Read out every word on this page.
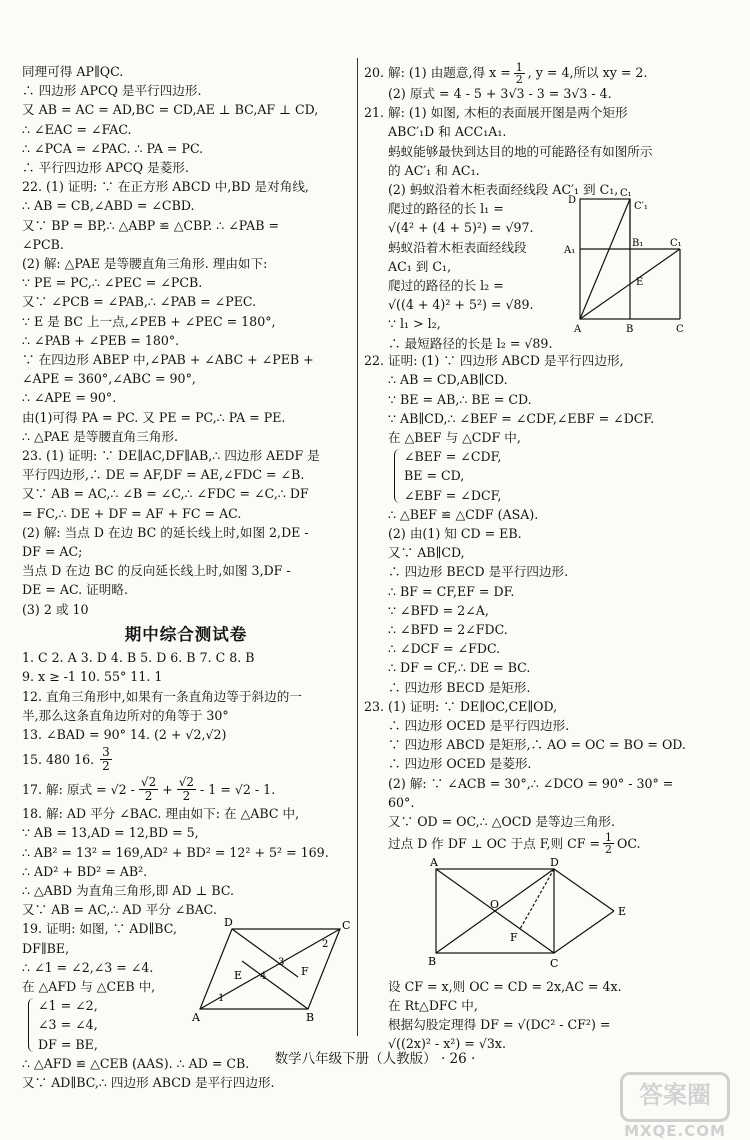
同理可得 AP∥QC.
∴ 四边形 APCQ 是平行四边形.
又 AB = AC = AD,BC = CD,AE ⊥ BC,AF ⊥ CD,
∴ ∠EAC = ∠FAC.
∴ ∠PCA = ∠PAC. ∴ PA = PC.
∴ 平行四边形 APCQ 是菱形.
22. (1) 证明: ∵ 在正方形 ABCD 中,BD 是对角线,
∴ AB = CB,∠ABD = ∠CBD.
又∵ BP = BP,∴ △ABP ≌ △CBP. ∴ ∠PAB =
∠PCB.
(2) 解: △PAE 是等腰直角三角形. 理由如下:
∵ PE = PC,∴ ∠PEC = ∠PCB.
又∵ ∠PCB = ∠PAB,∴ ∠PAB = ∠PEC.
∵ E 是 BC 上一点,∠PEB + ∠PEC = 180°,
∴ ∠PAB + ∠PEB = 180°.
∵ 在四边形 ABEP 中,∠PAB + ∠ABC + ∠PEB +
∠APE = 360°,∠ABC = 90°,
∴ ∠APE = 90°.
由(1)可得 PA = PC. 又 PE = PC,∴ PA = PE.
∴ △PAE 是等腰直角三角形.
23. (1) 证明: ∵ DE∥AC,DF∥AB,∴ 四边形 AEDF 是
平行四边形,∴ DE = AF,DF = AE,∠FDC = ∠B.
又∵ AB = AC,∴ ∠B = ∠C,∴ ∠FDC = ∠C,∴ DF
= FC,∴ DE + DF = AF + FC = AC.
(2) 解: 当点 D 在边 BC 的延长线上时,如图 2,DE -
DF = AC;
当点 D 在边 BC 的反向延长线上时,如图 3,DF -
DE = AC. 证明略.
(3) 2 或 10
期中综合测试卷
1. C 2. A 3. D 4. B 5. D 6. B 7. C 8. B
9. x ≥ -1 10. 55° 11. 1
12. 直角三角形中,如果有一条直角边等于斜边的一
半,那么这条直角边所对的角等于 30°
13. ∠BAD = 90° 14. (2 + √2,√2)
15. 480 16. $\frac{3}{2}$
17. 解: 原式 = $√2 - \frac{√2}{2} + \frac{√2}{2} - 1 = √2 - 1$.
18. 解: AD 平分 ∠BAC. 理由如下: 在 △ABC 中,
∵ AB = 13,AD = 12,BD = 5,
∴ AB² = 13² = 169,AD² + BD² = 12² + 5² = 169.
∴ AD² + BD² = AB².
∴ △ABD 为直角三角形,即 AD ⊥ BC.
又∵ AB = AC,∴ AD 平分 ∠BAC.
19. 证明: 如图, ∵ AD∥BC,
DF∥BE,
∴ ∠1 = ∠2,∠3 = ∠4.
在 △AFD 与 △CEB 中,
∠1 = ∠2,
∠3 = ∠4,
DF = BE,
∴ △AFD ≌ △CEB (AAS). ∴ AD = CB.
又∵ AD∥BC,∴ 四边形 ABCD 是平行四边形.
A	B
C
D
E	F
1
2
3
4
20. 解: (1) 由题意,得 $x = \frac{1}{2}$ , y = 4,所以 xy = 2.
(2) 原式 = 4 - 5 + 3√3 - 3 = 3√3 - 4.
21. 解: (1) 如图, 木柜的表面展开图是两个矩形
ABC′₁D 和 ACC₁A₁.
蚂蚁能够最快到达目的地的可能路径有如图所示
的 AC′₁ 和 AC₁.
(2) 蚂蚁沿着木柜表面经线段 AC′₁ 到 C₁,
爬过的路径的长 l₁ =
√(4² + (4 + 5)²) = √97.
蚂蚁沿着木柜表面经线段
AC₁ 到 C₁,
爬过的路径的长 l₂ =
√((4 + 4)² + 5²) = √89.
∵ l₁ > l₂,
∴ 最短路径的长是 l₂ = √89.
D
C₁
C′₁
A₁
B₁	C₁
E
A	B	C
22. 证明: (1) ∵ 四边形 ABCD 是平行四边形,
∴ AB = CD,AB∥CD.
∵ BE = AB,∴ BE = CD.
∵ AB∥CD,∴ ∠BEF = ∠CDF,∠EBF = ∠DCF.
在 △BEF 与 △CDF 中,
∠BEF = ∠CDF,
BE = CD,
∠EBF = ∠DCF,
∴ △BEF ≌ △CDF (ASA).
(2) 由(1) 知 CD = EB.
又∵ AB∥CD,
∴ 四边形 BECD 是平行四边形.
∴ BF = CF,EF = DF.
∵ ∠BFD = 2∠A,
∴ ∠BFD = 2∠FDC.
∴ ∠DCF = ∠FDC.
∴ DF = CF,∴ DE = BC.
∴ 四边形 BECD 是矩形.
23. (1) 证明: ∵ DE∥OC,CE∥OD,
∴ 四边形 OCED 是平行四边形.
∵ 四边形 ABCD 是矩形,∴ AO = OC = BO = OD.
∴ 四边形 OCED 是菱形.
(2) 解: ∵ ∠ACB = 30°,∴ ∠DCO = 90° - 30° =
60°.
又∵ OD = OC,∴ △OCD 是等边三角形.
过点 D 作 DF ⊥ OC 于点 F,则 CF = $\frac{1}{2}$ OC.
A
B	C
D
O
E
F
设 CF = x,则 OC = CD = 2x,AC = 4x.
在 Rt△DFC 中,
根据勾股定理得 DF = √(DC² - CF²) =
√((2x)² - x²) = √3x.
数学八年级下册（人教版） · 26 ·
答案圈
MXQE.COM
